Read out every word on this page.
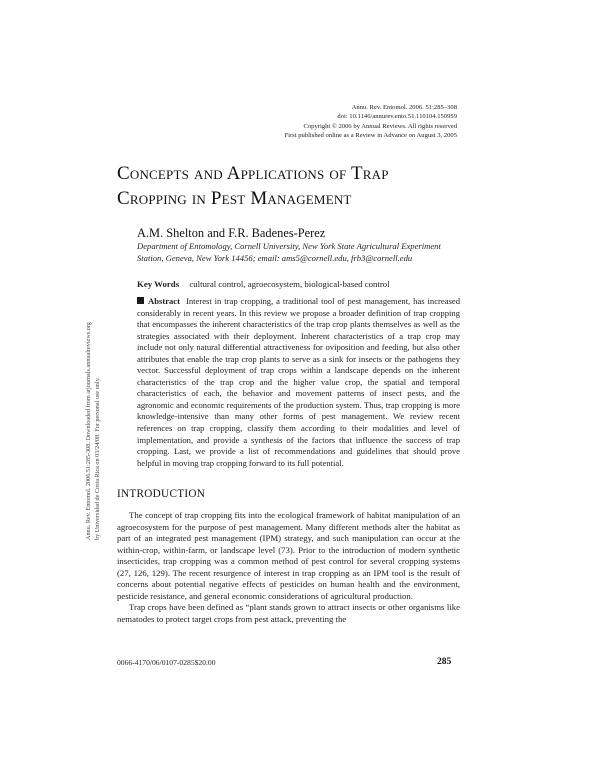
Annu. Rev. Entomol. 2006. 51:285–308
doi: 10.1146/annurev.ento.51.110104.150959
Copyright © 2006 by Annual Reviews. All rights reserved
First published online as a Review in Advance on August 3, 2005
Concepts and Applications of Trap
Cropping in Pest Management
A.M. Shelton and F.R. Badenes-Perez
Department of Entomology, Cornell University, New York State Agricultural Experiment Station, Geneva, New York 14456; email: ams5@cornell.edu, frb3@cornell.edu
Key Words cultural control, agroecosystem, biological-based control
Abstract Interest in trap cropping, a traditional tool of pest management, has increased considerably in recent years. In this review we propose a broader definition of trap cropping that encompasses the inherent characteristics of the trap crop plants themselves as well as the strategies associated with their deployment. Inherent characteristics of a trap crop may include not only natural differential attractiveness for oviposition and feeding, but also other attributes that enable the trap crop plants to serve as a sink for insects or the pathogens they vector. Successful deployment of trap crops within a landscape depends on the inherent characteristics of the trap crop and the higher value crop, the spatial and temporal characteristics of each, the behavior and movement patterns of insect pests, and the agronomic and economic requirements of the production system. Thus, trap cropping is more knowledge-intensive than many other forms of pest management. We review recent references on trap cropping, classify them according to their modalities and level of implementation, and provide a synthesis of the factors that influence the success of trap cropping. Last, we provide a list of recommendations and guidelines that should prove helpful in moving trap cropping forward to its full potential.
INTRODUCTION

The concept of trap cropping fits into the ecological framework of habitat manipulation of an agroecosystem for the purpose of pest management. Many different methods alter the habitat as part of an integrated pest management (IPM) strategy, and such manipulation can occur at the within-crop, within-farm, or landscape level (73). Prior to the introduction of modern synthetic insecticides, trap cropping was a common method of pest control for several cropping systems (27, 126, 129). The recent resurgence of interest in trap cropping as an IPM tool is the result of concerns about potential negative effects of pesticides on human health and the environment, pesticide resistance, and general economic considerations of agricultural production.

Trap crops have been defined as “plant stands grown to attract insects or other organisms like nematodes to protect target crops from pest attack, preventing the

0066-4170/06/0107-0285$20.00	285
Annu. Rev. Entomol. 2006.51:285-308. Downloaded from arjournals.annualreviews.org by Universidad de Costa Rica on 03/24/08. For personal use only.
